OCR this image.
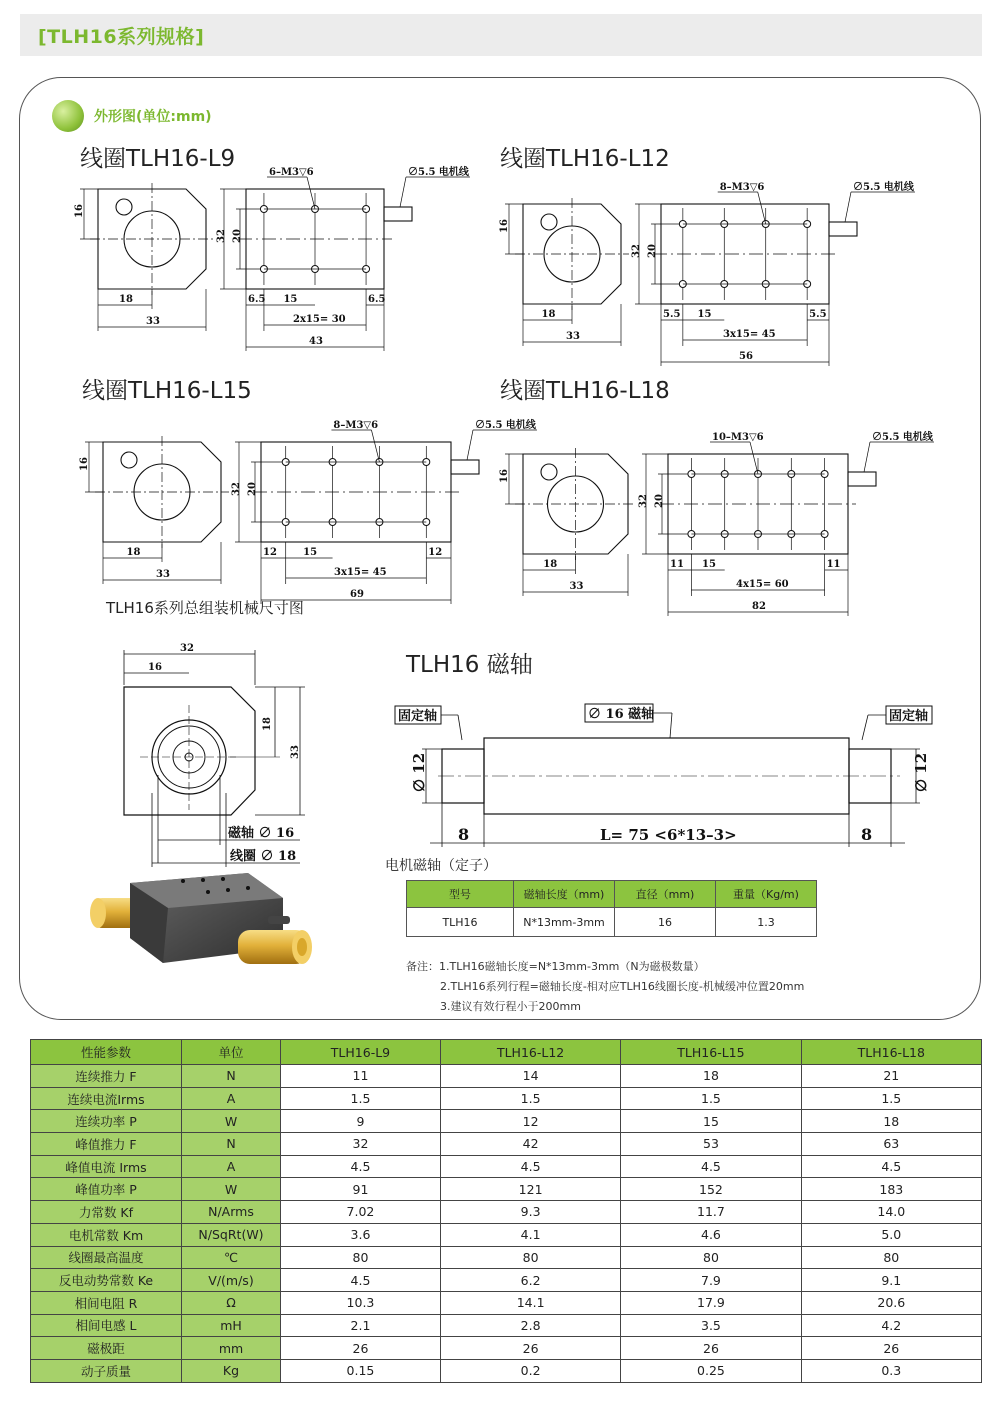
[TLH16系列规格]
外形图(单位:mm)
线圈TLH16-L9	线圈TLH16-L12
线圈TLH16-L15	线圈TLH16-L18
16
18
33
32 20
6.5 15	6.5
2x15= 30
43
6–M3▽6	∅5.5 电机线
16
18
33
32 20
5.5 15	5.5
3x15= 45
56
8–M3▽6	∅5.5 电机线
16
18
33
32 20
12	15	12
3x15= 45
69
8–M3▽6	∅5.5 电机线
16
18
33
32 20
11 15	11
4x15= 60
82
10–M3▽6	∅5.5 电机线
TLH16系列总组装机械尺寸图
32
16
18
33
磁轴 ∅ 16
线圈 ∅ 18
TLH16 磁轴
固定轴	固定轴
∅ 16 磁轴
∅ 12	∅ 12
8	8
L= 75 <6*13–3>
电机磁轴（定子）
型号	磁轴长度（mm)	直径（mm)	重量（Kg/m)
TLH16	N*13mm-3mm	16	1.3
备注：1.TLH16磁轴长度=N*13mm-3mm（N为磁极数量）
2.TLH16系列行程=磁轴长度-相对应TLH16线圈长度-机械缓冲位置20mm
3.建议有效行程小于200mm
性能参数	单位	TLH16-L9	TLH16-L12	TLH16-L15	TLH16-L18
连续推力 F	N	11	14	18	21
连续电流Irms	A	1.5	1.5	1.5	1.5
连续功率 P	W	9	12	15	18
峰值推力 F	N	32	42	53	63
峰值电流 Irms	A	4.5	4.5	4.5	4.5
峰值功率 P	W	91	121	152	183
力常数 Kf	N/Arms	7.02	9.3	11.7	14.0
电机常数 Km	N/SqRt(W)	3.6	4.1	4.6	5.0
线圈最高温度	℃	80	80	80	80
反电动势常数 Ke	V/(m/s)	4.5	6.2	7.9	9.1
相间电阻 R	Ω	10.3	14.1	17.9	20.6
相间电感 L	mH	2.1	2.8	3.5	4.2
磁极距	mm	26	26	26	26
动子质量	Kg	0.15	0.2	0.25	0.3
